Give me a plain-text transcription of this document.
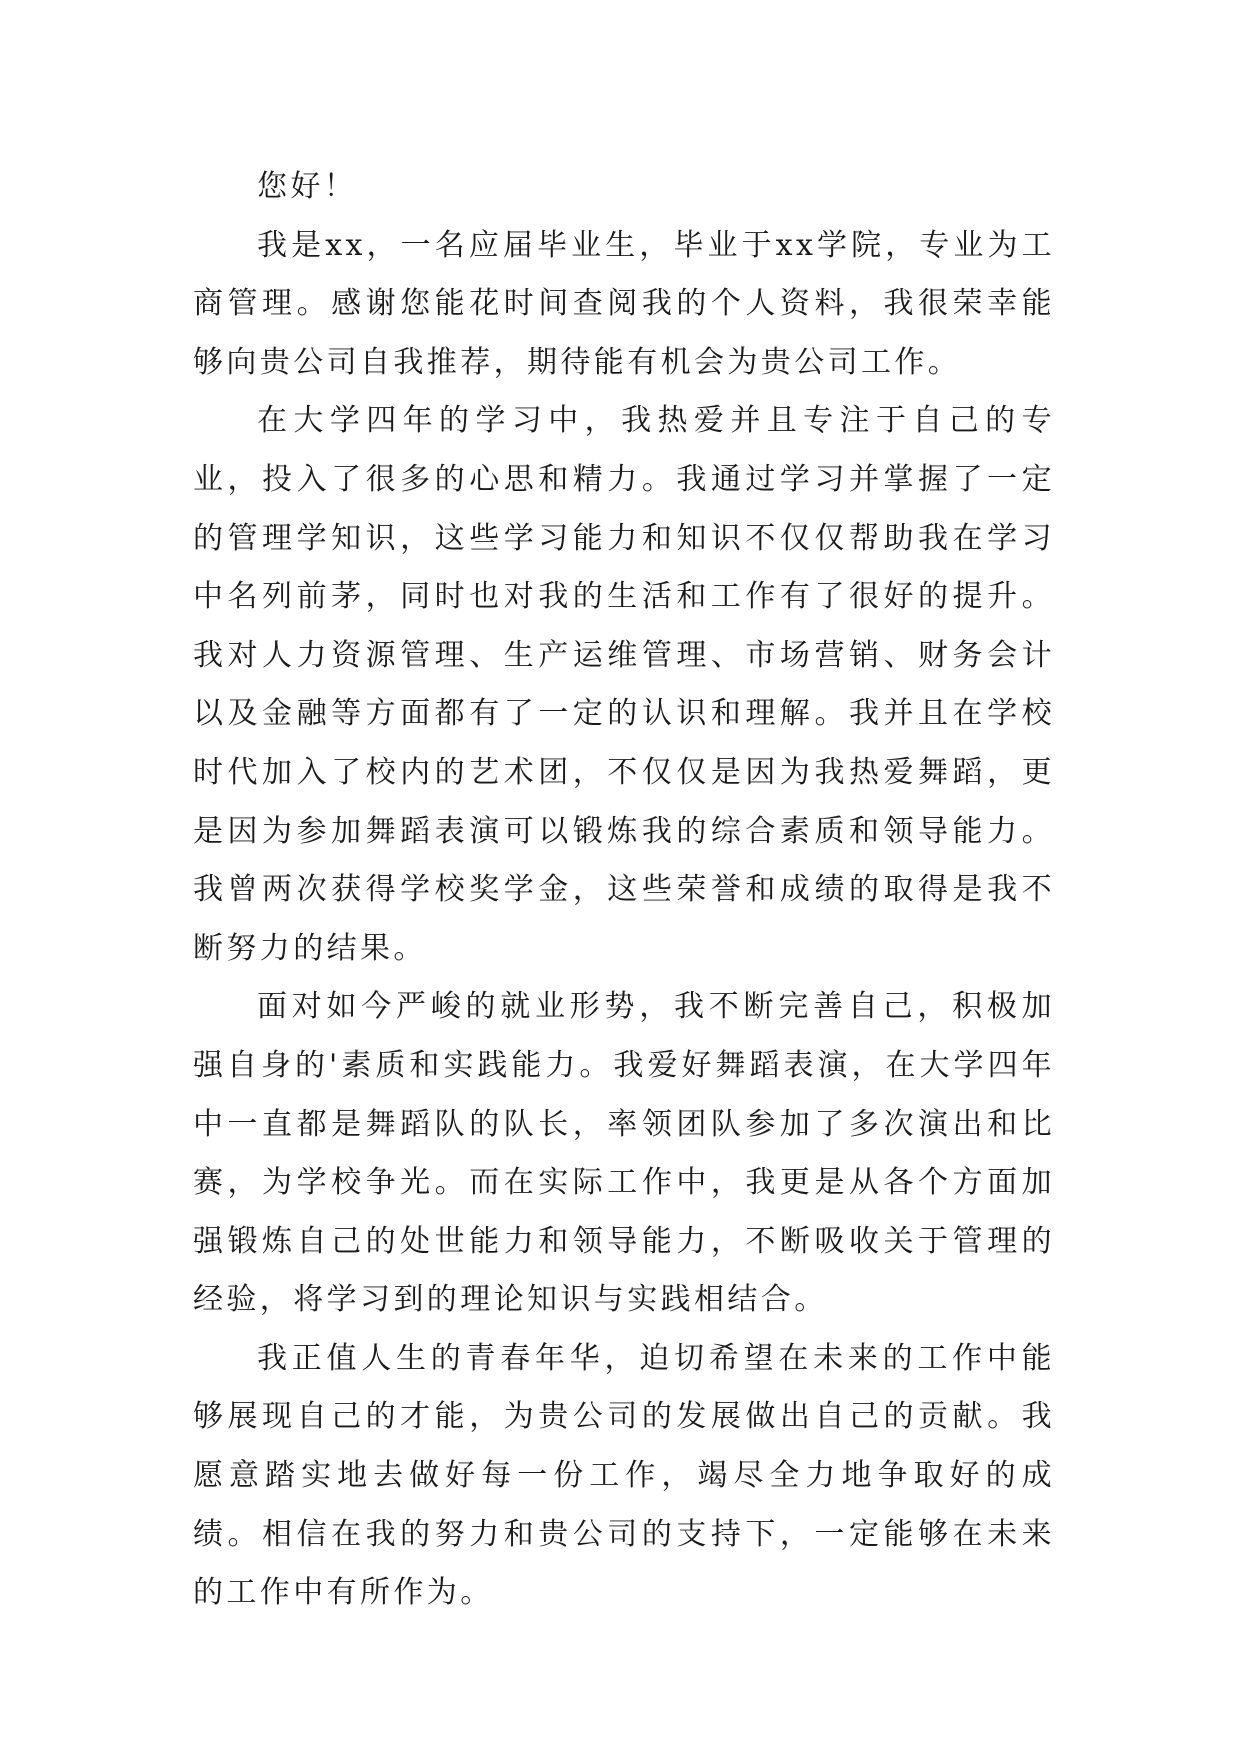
您好！

我是xx，一名应届毕业生，毕业于xx学院，专业为工商管理。感谢您能花时间查阅我的个人资料，我很荣幸能够向贵公司自我推荐，期待能有机会为贵公司工作。

在大学四年的学习中，我热爱并且专注于自己的专业，投入了很多的心思和精力。我通过学习并掌握了一定的管理学知识，这些学习能力和知识不仅仅帮助我在学习中名列前茅，同时也对我的生活和工作有了很好的提升。我对人力资源管理、生产运维管理、市场营销、财务会计以及金融等方面都有了一定的认识和理解。我并且在学校时代加入了校内的艺术团，不仅仅是因为我热爱舞蹈，更是因为参加舞蹈表演可以锻炼我的综合素质和领导能力。我曾两次获得学校奖学金，这些荣誉和成绩的取得是我不断努力的结果。

面对如今严峻的就业形势，我不断完善自己，积极加强自身的'素质和实践能力。我爱好舞蹈表演，在大学四年中一直都是舞蹈队的队长，率领团队参加了多次演出和比赛，为学校争光。而在实际工作中，我更是从各个方面加强锻炼自己的处世能力和领导能力，不断吸收关于管理的经验，将学习到的理论知识与实践相结合。

我正值人生的青春年华，迫切希望在未来的工作中能够展现自己的才能，为贵公司的发展做出自己的贡献。我愿意踏实地去做好每一份工作，竭尽全力地争取好的成绩。相信在我的努力和贵公司的支持下，一定能够在未来的工作中有所作为。
